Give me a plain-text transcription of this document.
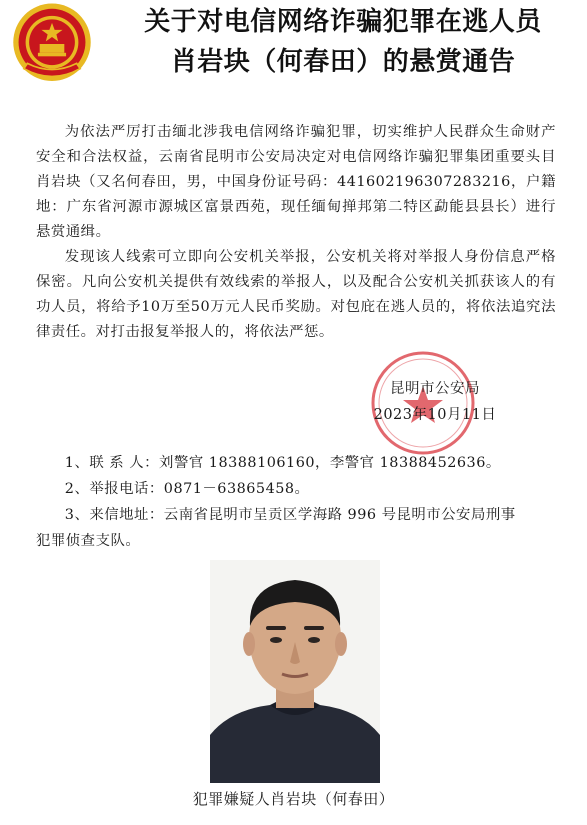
关于对电信网络诈骗犯罪在逃人员
肖岩块（何春田）的悬赏通告

为依法严厉打击缅北涉我电信网络诈骗犯罪，切实维护人民群众生命财产安全和合法权益，云南省昆明市公安局决定对电信网络诈骗犯罪集团重要头目肖岩块（又名何春田，男，中国身份证号码：441602196307283216，户籍地：广东省河源市源城区富景西苑，现任缅甸掸邦第二特区勐能县县长）进行悬赏通缉。

发现该人线索可立即向公安机关举报，公安机关将对举报人身份信息严格保密。凡向公安机关提供有效线索的举报人，以及配合公安机关抓获该人的有功人员，将给予10万至50万元人民币奖励。对包庇在逃人员的，将依法追究法律责任。对打击报复举报人的，将依法严惩。

昆明市公安局
2023年10月11日
1、联 系 人：刘警官 18388106160，李警官 18388452636。
2、举报电话：0871－63865458。
3、来信地址：云南省昆明市呈贡区学海路 996 号昆明市公安局刑事
犯罪侦查支队。
犯罪嫌疑人肖岩块（何春田）
